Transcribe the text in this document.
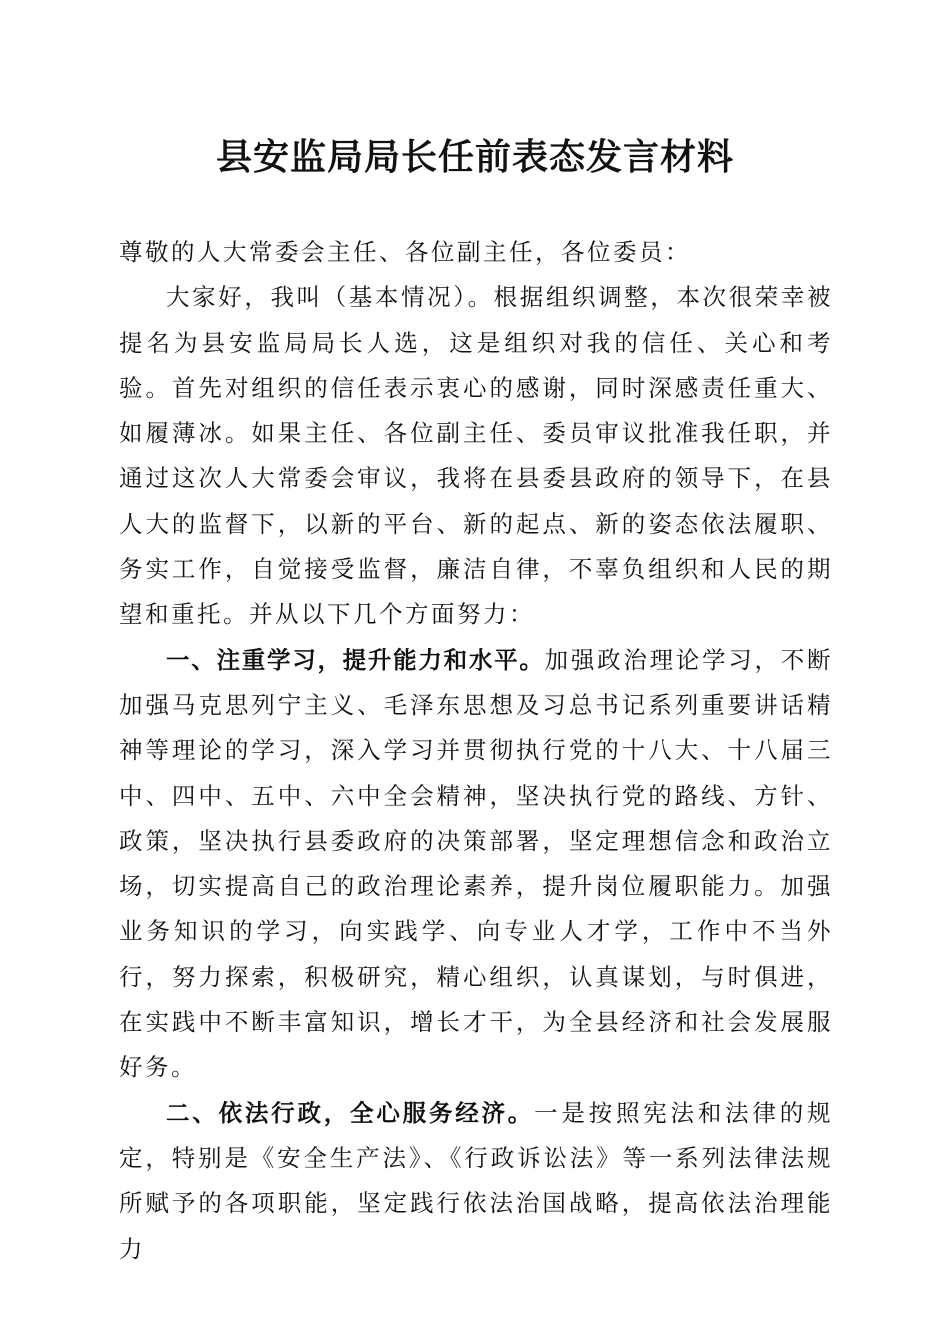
县安监局局长任前表态发言材料

尊敬的人大常委会主任、各位副主任，各位委员：

大家好，我叫（基本情况）。根据组织调整，本次很荣幸被提名为县安监局局长人选，这是组织对我的信任、关心和考验。首先对组织的信任表示衷心的感谢，同时深感责任重大、如履薄冰。如果主任、各位副主任、委员审议批准我任职，并通过这次人大常委会审议，我将在县委县政府的领导下，在县人大的监督下，以新的平台、新的起点、新的姿态依法履职、务实工作，自觉接受监督，廉洁自律，不辜负组织和人民的期望和重托。并从以下几个方面努力：

一、注重学习，提升能力和水平。加强政治理论学习，不断加强马克思列宁主义、毛泽东思想及习总书记系列重要讲话精神等理论的学习，深入学习并贯彻执行党的十八大、十八届三中、四中、五中、六中全会精神，坚决执行党的路线、方针、政策，坚决执行县委政府的决策部署，坚定理想信念和政治立场，切实提高自己的政治理论素养，提升岗位履职能力。加强业务知识的学习，向实践学、向专业人才学，工作中不当外行，努力探索，积极研究，精心组织，认真谋划，与时俱进，在实践中不断丰富知识，增长才干，为全县经济和社会发展服好务。

二、依法行政，全心服务经济。一是按照宪法和法律的规定，特别是《安全生产法》、《行政诉讼法》等一系列法律法规所赋予的各项职能，坚定践行依法治国战略，提高依法治理能力
